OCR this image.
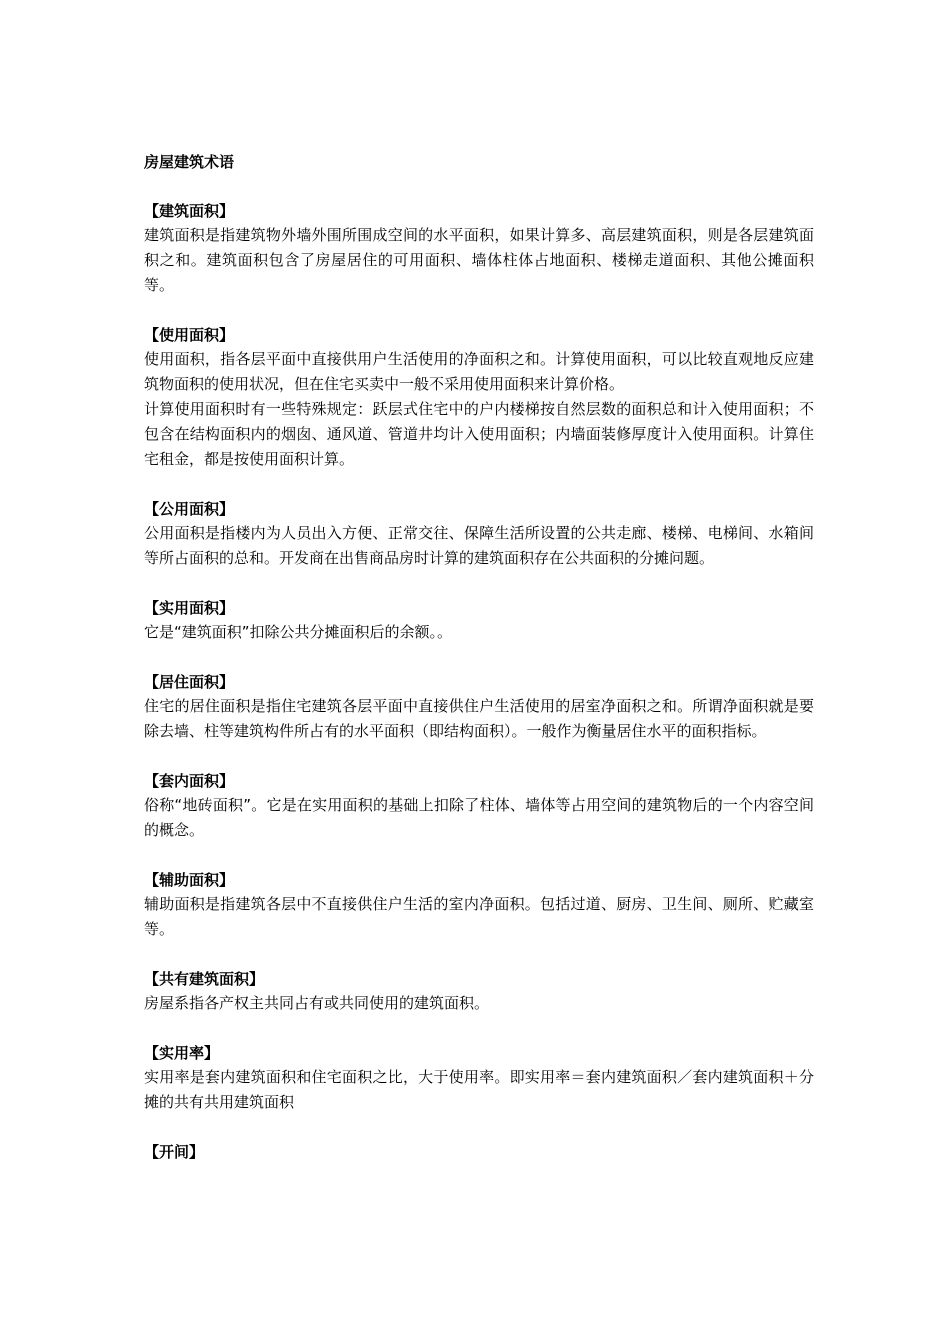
房屋建筑术语
【建筑面积】

建筑面积是指建筑物外墙外围所围成空间的水平面积，如果计算多、高层建筑面积，则是各层建筑面积之和。建筑面积包含了房屋居住的可用面积、墙体柱体占地面积、楼梯走道面积、其他公摊面积等。

【使用面积】

使用面积，指各层平面中直接供用户生活使用的净面积之和。计算使用面积，可以比较直观地反应建筑物面积的使用状况，但在住宅买卖中一般不采用使用面积来计算价格。

计算使用面积时有一些特殊规定：跃层式住宅中的户内楼梯按自然层数的面积总和计入使用面积；不包含在结构面积内的烟囱、通风道、管道井均计入使用面积；内墙面装修厚度计入使用面积。计算住宅租金，都是按使用面积计算。

【公用面积】

公用面积是指楼内为人员出入方便、正常交往、保障生活所设置的公共走廊、楼梯、电梯间、水箱间等所占面积的总和。开发商在出售商品房时计算的建筑面积存在公共面积的分摊问题。

【实用面积】

它是“建筑面积”扣除公共分摊面积后的余额。。

【居住面积】

住宅的居住面积是指住宅建筑各层平面中直接供住户生活使用的居室净面积之和。所谓净面积就是要除去墙、柱等建筑构件所占有的水平面积（即结构面积）。一般作为衡量居住水平的面积指标。

【套内面积】

俗称“地砖面积”。它是在实用面积的基础上扣除了柱体、墙体等占用空间的建筑物后的一个内容空间的概念。

【辅助面积】

辅助面积是指建筑各层中不直接供住户生活的室内净面积。包括过道、厨房、卫生间、厕所、贮藏室等。

【共有建筑面积】

房屋系指各产权主共同占有或共同使用的建筑面积。

【实用率】

实用率是套内建筑面积和住宅面积之比，大于使用率。即实用率＝套内建筑面积／套内建筑面积＋分摊的共有共用建筑面积

【开间】
